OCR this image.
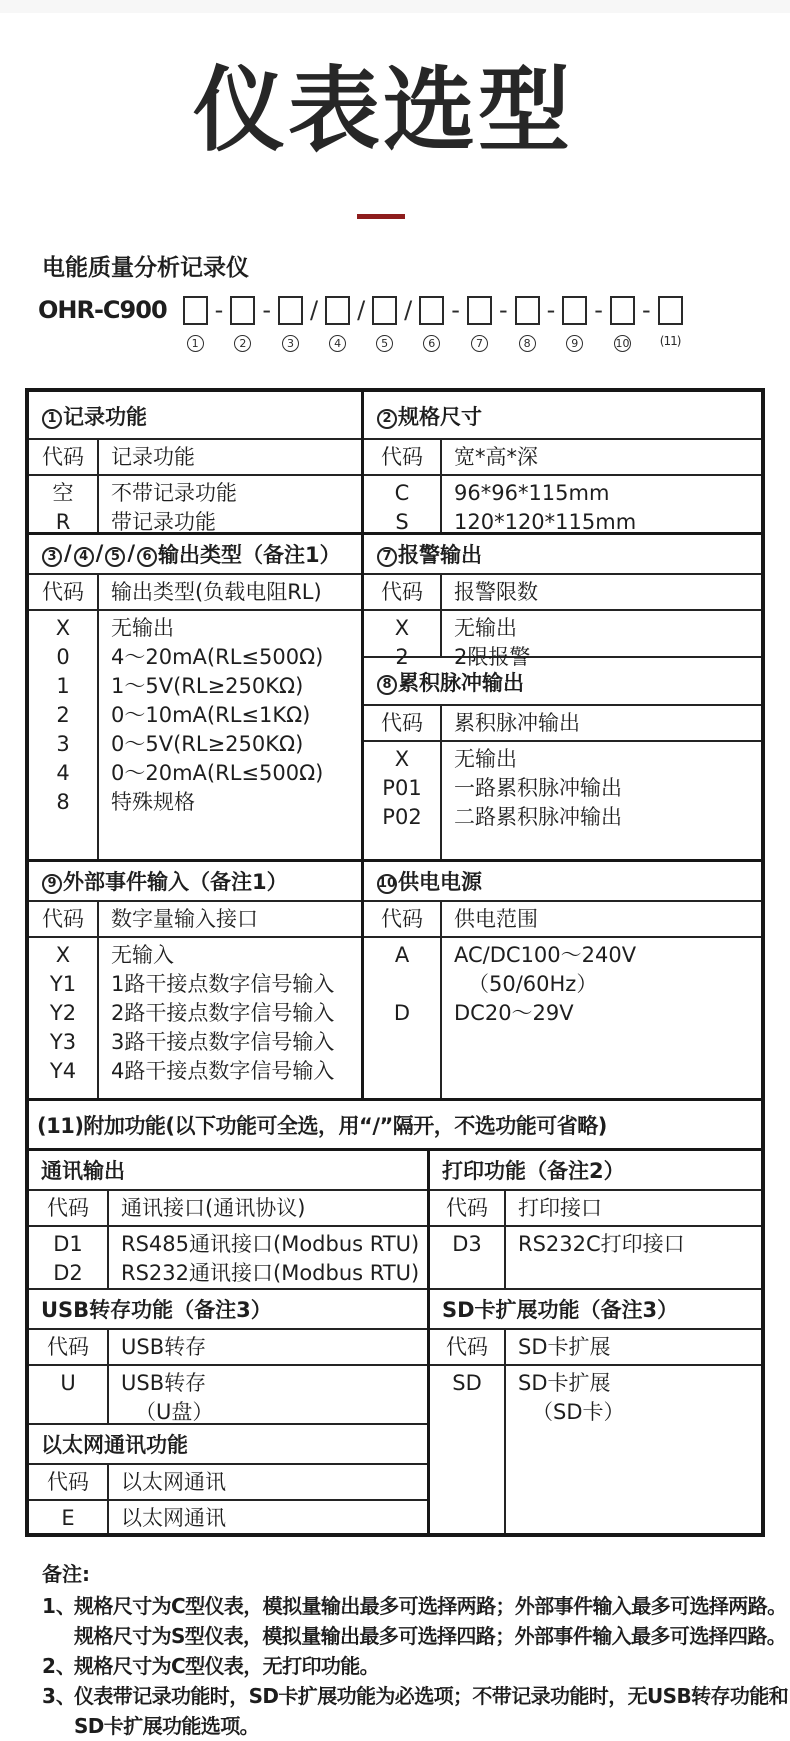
仪表选型
电能质量分析记录仪
OHR-C900
1
-
2
-
3
/
4
/
5
/
6
-
7
-
8
-
9
-
10
-
(11)
1 记录功能
代码	记录功能
空	不带记录功能
R	带记录功能
2 规格尺寸
代码	宽*高*深
C	96*96*115mm
S	120*120*115mm
3 / 4 / 5 / 6 输出类型（备注1）
代码	输出类型(负载电阻RL)
X	无输出
0	4～20mA(RL≤500Ω)
1	1～5V(RL≥250KΩ)
2	0～10mA(RL≤1KΩ)
3	0～5V(RL≥250KΩ)
4	0～20mA(RL≤500Ω)
8	特殊规格
7 报警输出
代码	报警限数
X	无输出
2	2限报警
8 累积脉冲输出
代码	累积脉冲输出
X	无输出
P01	一路累积脉冲输出
P02	二路累积脉冲输出
9 外部事件输入（备注1）
代码	数字量输入接口
X	无输入
Y1	1路干接点数字信号输入
Y2	2路干接点数字信号输入
Y3	3路干接点数字信号输入
Y4	4路干接点数字信号输入
10 供电电源
代码	供电范围
A	AC/DC100～240V
（50/60Hz）
D	DC20～29V
(11)附加功能(以下功能可全选，用“/”隔开，不选功能可省略)
通讯输出
代码	通讯接口(通讯协议)
D1	RS485通讯接口(Modbus RTU)
D2	RS232通讯接口(Modbus RTU)
USB转存功能（备注3）
代码	USB转存
U	USB转存
（U盘）
以太网通讯功能
代码	以太网通讯
E	以太网通讯
打印功能（备注2）
代码	打印接口
D3	RS232C打印接口
SD卡扩展功能（备注3）
代码	SD卡扩展
SD	SD卡扩展
（SD卡）
备注:
1、
规格尺寸为C型仪表，模拟量输出最多可选择两路；外部事件输入最多可选择两路。
规格尺寸为S型仪表，模拟量输出最多可选择四路；外部事件输入最多可选择四路。
2、
规格尺寸为C型仪表，无打印功能。
3、
仪表带记录功能时，SD卡扩展功能为必选项；不带记录功能时，无USB转存功能和
SD卡扩展功能选项。
